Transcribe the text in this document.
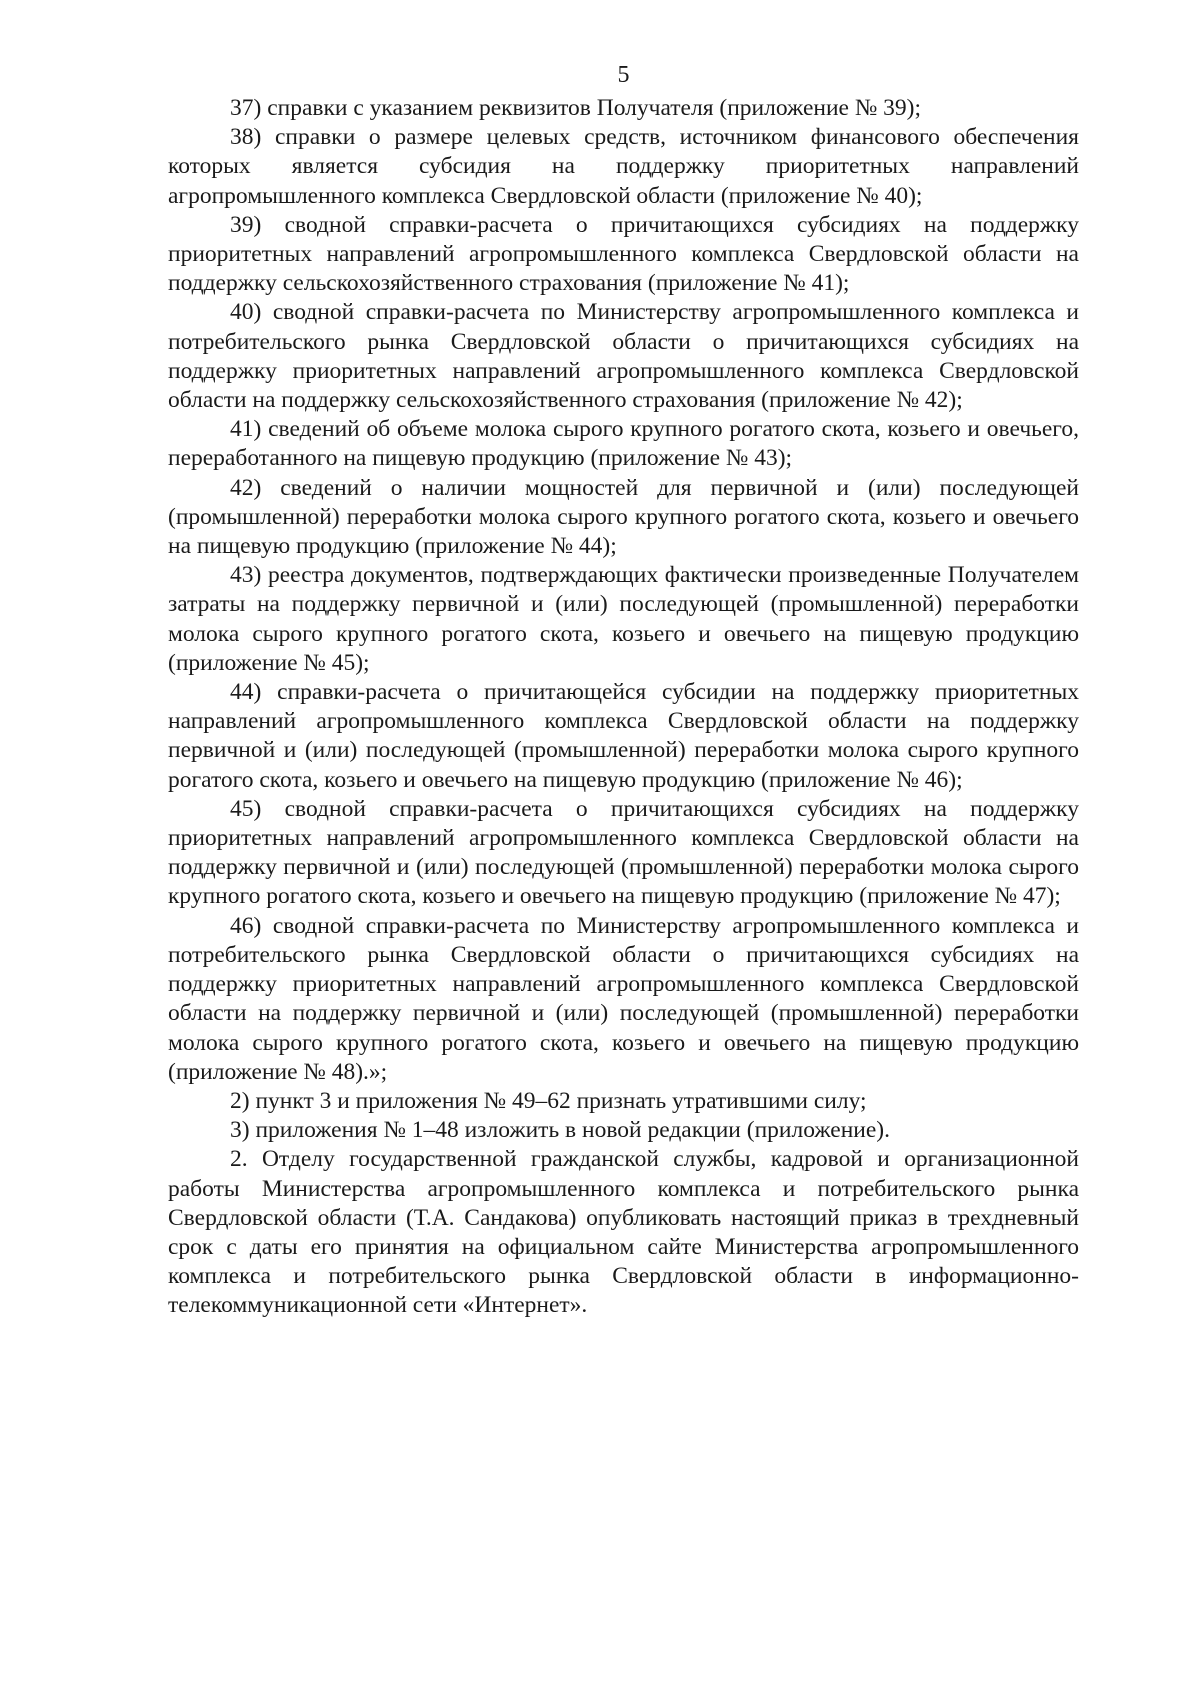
5

37) справки с указанием реквизитов Получателя (приложение № 39);

38) справки о размере целевых средств, источником финансового обеспечения которых является субсидия на поддержку приоритетных направлений агропромышленного комплекса Свердловской области (приложение № 40);

39) сводной справки-расчета о причитающихся субсидиях на поддержку приоритетных направлений агропромышленного комплекса Свердловской области на поддержку сельскохозяйственного страхования (приложение № 41);

40) сводной справки-расчета по Министерству агропромышленного комплекса и потребительского рынка Свердловской области о причитающихся субсидиях на поддержку приоритетных направлений агропромышленного комплекса Свердловской области на поддержку сельскохозяйственного страхования (приложение № 42);

41) сведений об объеме молока сырого крупного рогатого скота, козьего и овечьего, переработанного на пищевую продукцию (приложение № 43);

42) сведений о наличии мощностей для первичной и (или) последующей (промышленной) переработки молока сырого крупного рогатого скота, козьего и овечьего на пищевую продукцию (приложение № 44);

43) реестра документов, подтверждающих фактически произведенные Получателем затраты на поддержку первичной и (или) последующей (промышленной) переработки молока сырого крупного рогатого скота, козьего и овечьего на пищевую продукцию (приложение № 45);

44) справки-расчета о причитающейся субсидии на поддержку приоритетных направлений агропромышленного комплекса Свердловской области на поддержку первичной и (или) последующей (промышленной) переработки молока сырого крупного рогатого скота, козьего и овечьего на пищевую продукцию (приложение № 46);

45) сводной справки-расчета о причитающихся субсидиях на поддержку приоритетных направлений агропромышленного комплекса Свердловской области на поддержку первичной и (или) последующей (промышленной) переработки молока сырого крупного рогатого скота, козьего и овечьего на пищевую продукцию (приложение № 47);

46) сводной справки-расчета по Министерству агропромышленного комплекса и потребительского рынка Свердловской области о причитающихся субсидиях на поддержку приоритетных направлений агропромышленного комплекса Свердловской области на поддержку первичной и (или) последующей (промышленной) переработки молока сырого крупного рогатого скота, козьего и овечьего на пищевую продукцию (приложение № 48).»;

2) пункт 3 и приложения № 49–62 признать утратившими силу;

3) приложения № 1–48 изложить в новой редакции (приложение).

2. Отделу государственной гражданской службы, кадровой и организационной работы Министерства агропромышленного комплекса и потребительского рынка Свердловской области (Т.А. Сандакова) опубликовать настоящий приказ в трехдневный срок с даты его принятия на официальном сайте Министерства агропромышленного комплекса и потребительского рынка Свердловской области в информационно-телекоммуникационной сети «Интернет».
